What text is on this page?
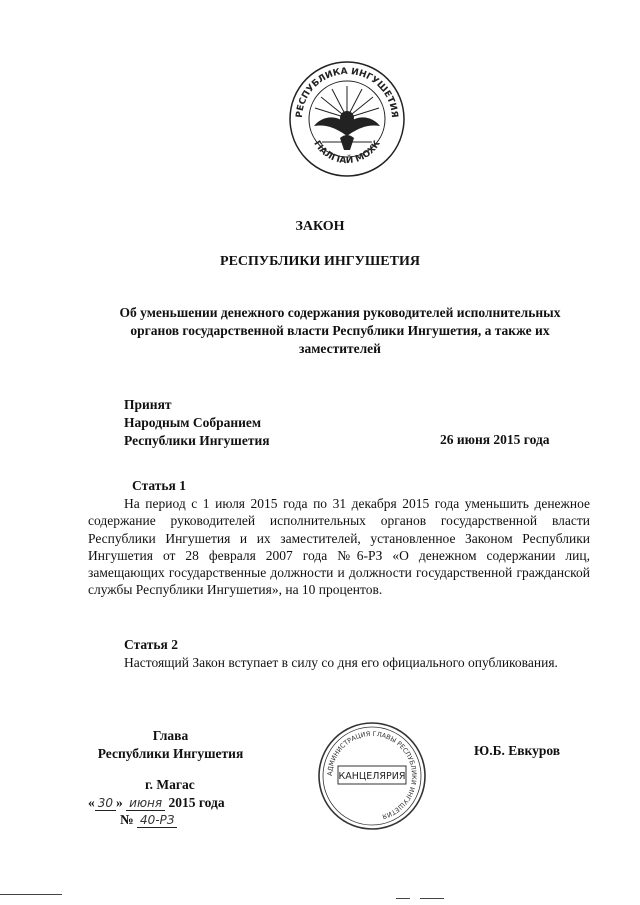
РЕСПУБЛИКА ИНГУШЕТИЯ
ГIАЛГIАЙ МОХК
ЗАКОН
РЕСПУБЛИКИ ИНГУШЕТИЯ
Об уменьшении денежного содержания руководителей исполнительных органов государственной власти Республики Ингушетия, а также их заместителей
Принят
Народным Собранием
Республики Ингушетия	26 июня 2015 года
Статья 1
На период с 1 июля 2015 года по 31 декабря 2015 года уменьшить денежное содержание руководителей исполнительных органов государственной власти Республики Ингушетия и их заместителей, установленное Законом Республики Ингушетия от 28 февраля 2007 года №6-РЗ «О денежном содержании лиц, замещающих государственные должности и должности государственной гражданской службы Республики Ингушетия», на 10 процентов.
Статья 2
Настоящий Закон вступает в силу со дня его официального опубликования.
Глава
Республики Ингушетия	Ю.Б. Евкуров
АДМИНИСТРАЦИЯ ГЛАВЫ РЕСПУБЛИКИ ИНГУШЕТИЯ
КАНЦЕЛЯРИЯ
г. Магас
« 30 » июня 2015 года
№ 40-РЗ
